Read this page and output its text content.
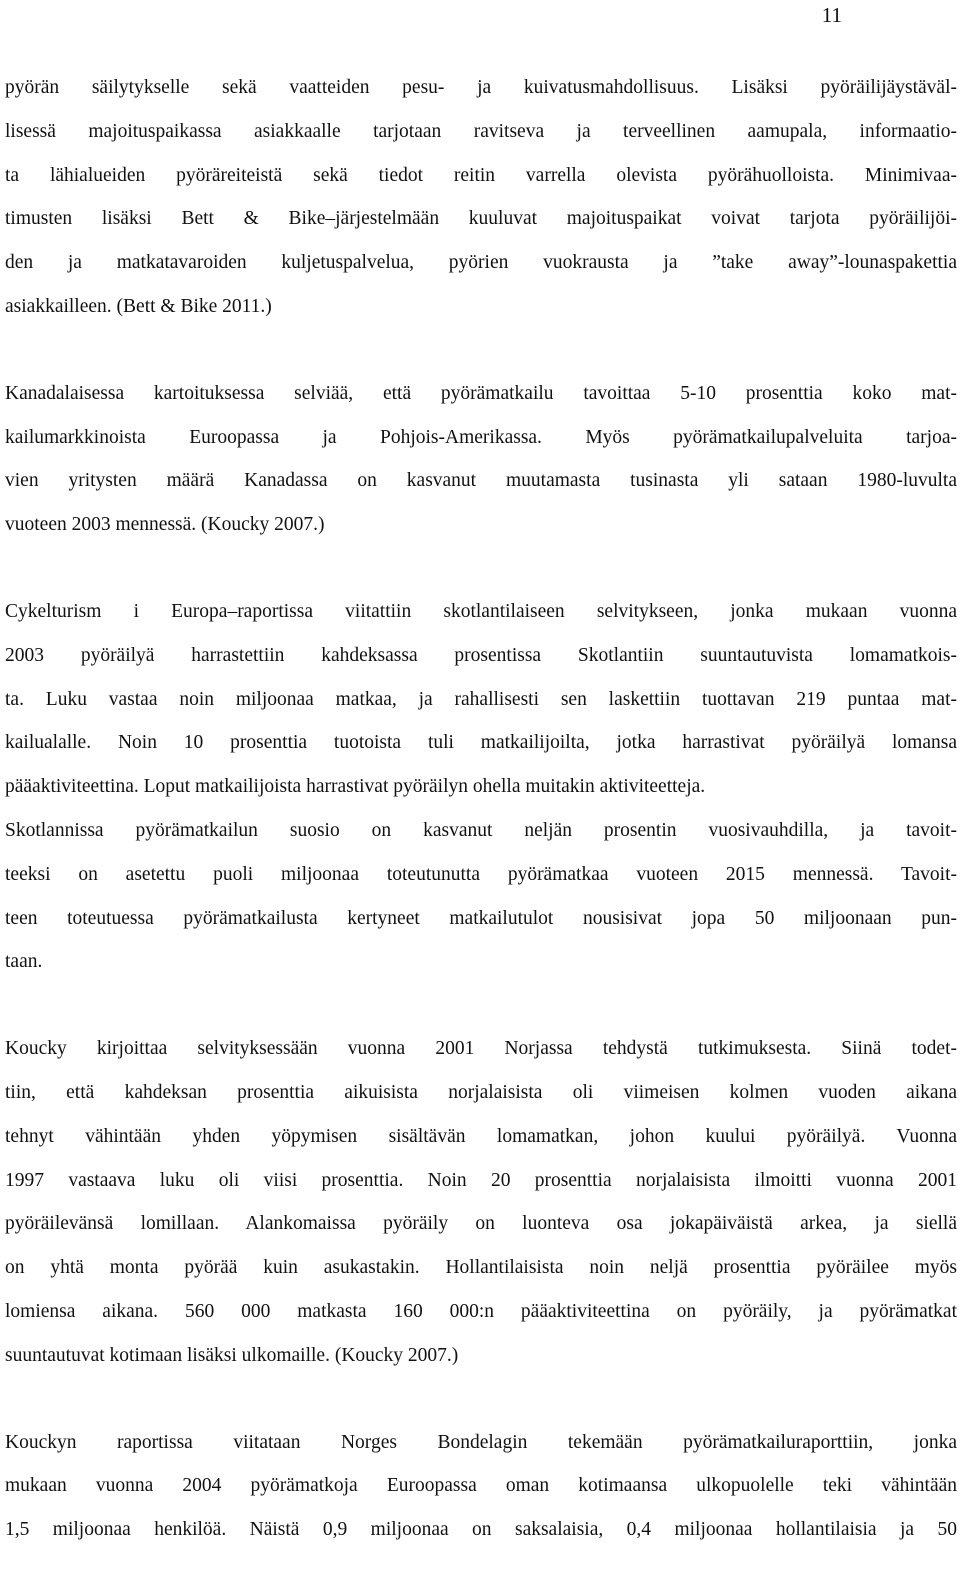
11
pyörän säilytykselle sekä vaatteiden pesu- ja kuivatusmahdollisuus. Lisäksi pyöräilijäystäväl-
lisessä majoituspaikassa asiakkaalle tarjotaan ravitseva ja terveellinen aamupala, informaatio-
ta lähialueiden pyöräreiteistä sekä tiedot reitin varrella olevista pyörähuolloista. Minimivaa-
timusten lisäksi Bett & Bike–järjestelmään kuuluvat majoituspaikat voivat tarjota pyöräilijöi-
den ja matkatavaroiden kuljetuspalvelua, pyörien vuokrausta ja ”take away”-lounaspakettia
asiakkailleen. (Bett & Bike 2011.)
Kanadalaisessa kartoituksessa selviää, että pyörämatkailu tavoittaa 5-10 prosenttia koko mat-
kailumarkkinoista Euroopassa ja Pohjois-Amerikassa. Myös pyörämatkailupalveluita tarjoa-
vien yritysten määrä Kanadassa on kasvanut muutamasta tusinasta yli sataan 1980-luvulta
vuoteen 2003 mennessä. (Koucky 2007.)
Cykelturism i Europa–raportissa viitattiin skotlantilaiseen selvitykseen, jonka mukaan vuonna
2003 pyöräilyä harrastettiin kahdeksassa prosentissa Skotlantiin suuntautuvista lomamatkois-
ta. Luku vastaa noin miljoonaa matkaa, ja rahallisesti sen laskettiin tuottavan 219 puntaa mat-
kailualalle. Noin 10 prosenttia tuotoista tuli matkailijoilta, jotka harrastivat pyöräilyä lomansa
pääaktiviteettina. Loput matkailijoista harrastivat pyöräilyn ohella muitakin aktiviteetteja.
Skotlannissa pyörämatkailun suosio on kasvanut neljän prosentin vuosivauhdilla, ja tavoit-
teeksi on asetettu puoli miljoonaa toteutunutta pyörämatkaa vuoteen 2015 mennessä. Tavoit-
teen toteutuessa pyörämatkailusta kertyneet matkailutulot nousisivat jopa 50 miljoonaan pun-
taan.
Koucky kirjoittaa selvityksessään vuonna 2001 Norjassa tehdystä tutkimuksesta. Siinä todet-
tiin, että kahdeksan prosenttia aikuisista norjalaisista oli viimeisen kolmen vuoden aikana
tehnyt vähintään yhden yöpymisen sisältävän lomamatkan, johon kuului pyöräilyä. Vuonna
1997 vastaava luku oli viisi prosenttia. Noin 20 prosenttia norjalaisista ilmoitti vuonna 2001
pyöräilevänsä lomillaan. Alankomaissa pyöräily on luonteva osa jokapäiväistä arkea, ja siellä
on yhtä monta pyörää kuin asukastakin. Hollantilaisista noin neljä prosenttia pyöräilee myös
lomiensa aikana. 560 000 matkasta 160 000:n pääaktiviteettina on pyöräily, ja pyörämatkat
suuntautuvat kotimaan lisäksi ulkomaille. (Koucky 2007.)
Kouckyn raportissa viitataan Norges Bondelagin tekemään pyörämatkailuraporttiin, jonka
mukaan vuonna 2004 pyörämatkoja Euroopassa oman kotimaansa ulkopuolelle teki vähintään
1,5 miljoonaa henkilöä. Näistä 0,9 miljoonaa on saksalaisia, 0,4 miljoonaa hollantilaisia ja 50
